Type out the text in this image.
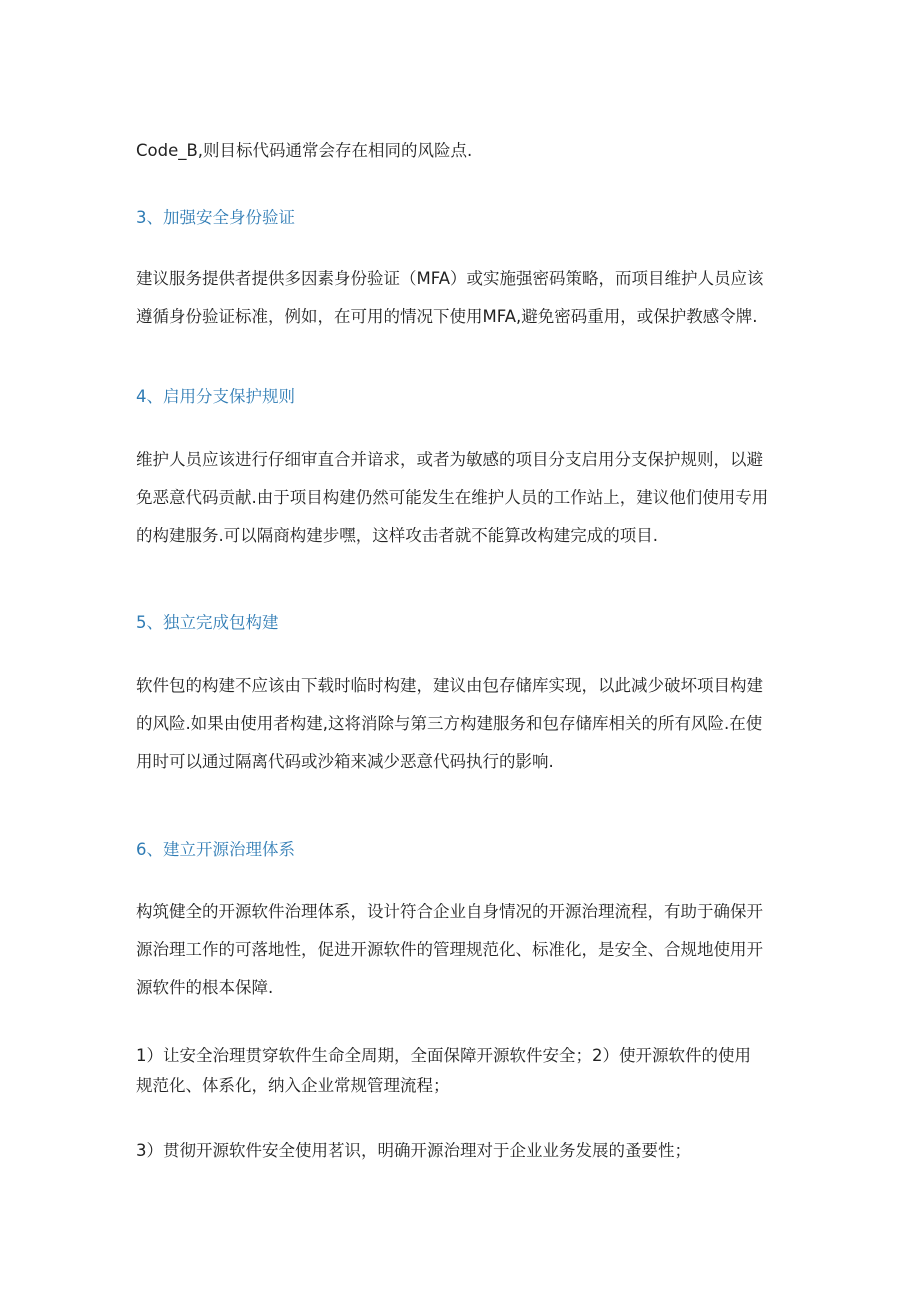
Code_B,则目标代码通常会存在相同的风险点.

3、加强安全身份验证

建议服务提供者提供多因素身份验证（MFA）或实施强密码策略，而项目维护人员应该
遵循身份验证标准，例如，在可用的情况下使用MFA,避免密码重用，或保护教感令牌.

4、启用分支保护规则

维护人员应该进行仔细审直合并谙求，或者为敏感的项目分支启用分支保护规则，以避
免恶意代码贡献.由于项目构建仍然可能发生在维护人员的工作站上，建议他们使用专用
的构建服务.可以隔商构建步嘿，这样攻击者就不能算改构建完成的项目.

5、独立完成包构建

软件包的构建不应该由下载时临时构建，建议由包存储库实现，以此减少破坏项目构建
的风险.如果由使用者构建,这将消除与第三方构建服务和包存储库相关的所有风险.在使
用时可以通过隔离代码或沙箱来减少恶意代码执行的影响.

6、建立开源治理体系

构筑健全的开源软件治理体系，设计符合企业自身情况的开源治理流程，有助于确保开
源治理工作的可落地性，促进开源软件的管理规范化、标准化，是安全、合规地使用开
源软件的根本保障.
1）让安全治理贯穿软件生命全周期，全面保障开源软件安全；2）使开源软件的使用
规范化、体系化，纳入企业常规管理流程；
3）贯彻开源软件安全使用茗识，明确开源治理对于企业业务发展的蚤要性；
